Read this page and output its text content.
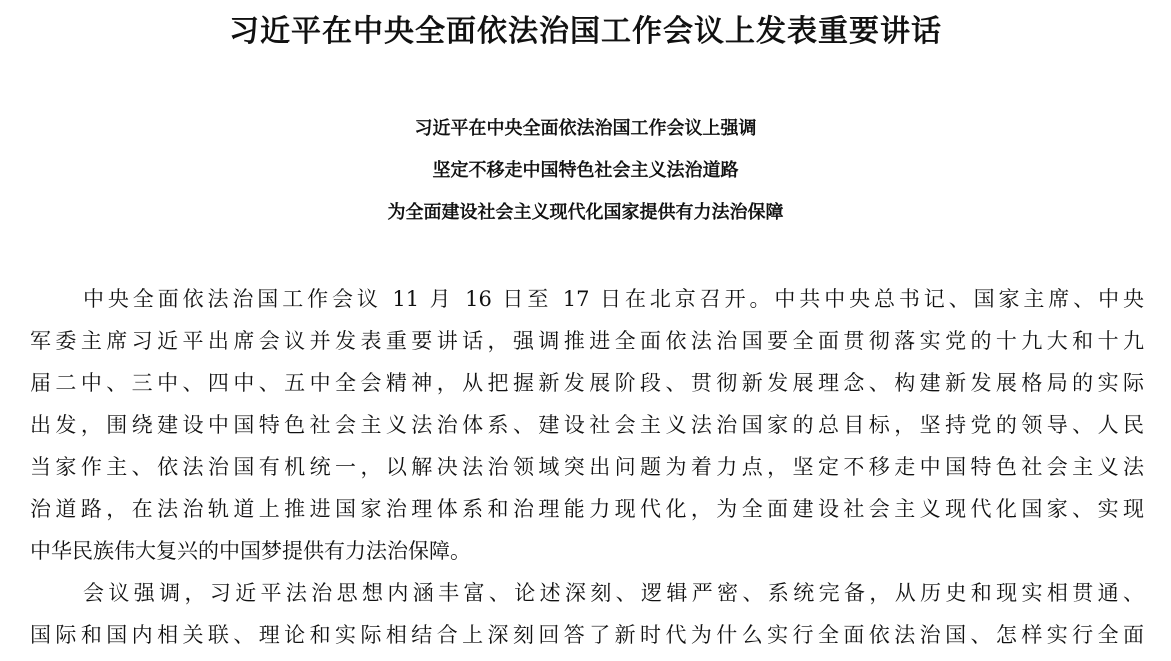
习近平在中央全面依法治国工作会议上发表重要讲话
习近平在中央全面依法治国工作会议上强调
坚定不移走中国特色社会主义法治道路
为全面建设社会主义现代化国家提供有力法治保障
中央全面依法治国工作会议 11 月 16 日至 17 日在北京召开。中共中央总书记、国家主席、中央
军委主席习近平出席会议并发表重要讲话，强调推进全面依法治国要全面贯彻落实党的十九大和十九
届二中、三中、四中、五中全会精神，从把握新发展阶段、贯彻新发展理念、构建新发展格局的实际
出发，围绕建设中国特色社会主义法治体系、建设社会主义法治国家的总目标，坚持党的领导、人民
当家作主、依法治国有机统一，以解决法治领域突出问题为着力点，坚定不移走中国特色社会主义法
治道路，在法治轨道上推进国家治理体系和治理能力现代化，为全面建设社会主义现代化国家、实现
中华民族伟大复兴的中国梦提供有力法治保障。
会议强调，习近平法治思想内涵丰富、论述深刻、逻辑严密、系统完备，从历史和现实相贯通、
国际和国内相关联、理论和实际相结合上深刻回答了新时代为什么实行全面依法治国、怎样实行全面
